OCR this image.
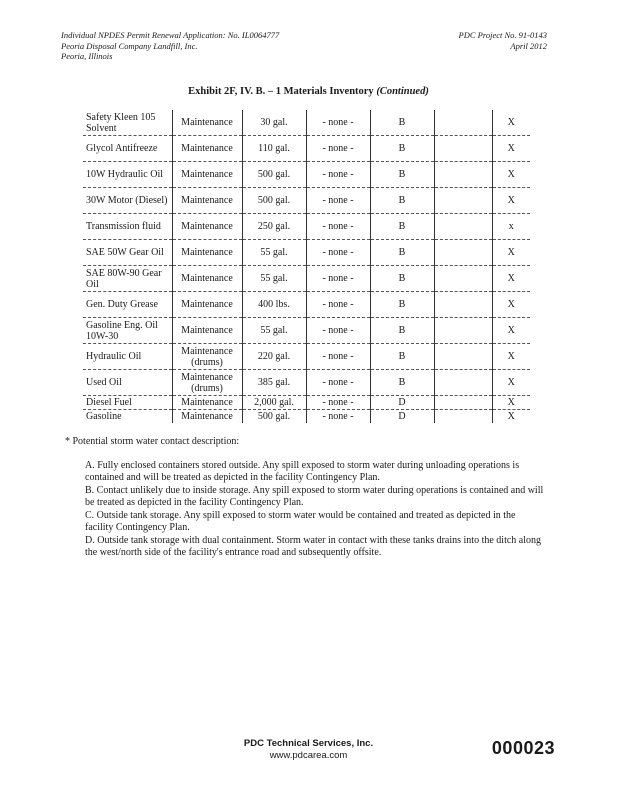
Individual NPDES Permit Renewal Application: No. IL0064777
Peoria Disposal Company Landfill, Inc.
Peoria, Illinois
PDC Project No. 91-0143
April 2012
Exhibit 2F, IV. B. – 1 Materials Inventory (Continued)
Safety Kleen 105 Solvent	Maintenance	30 gal.	- none -	B		X
Glycol Antifreeze	Maintenance	110 gal.	- none -	B		X
10W Hydraulic Oil	Maintenance	500 gal.	- none -	B		X
30W Motor (Diesel)	Maintenance	500 gal.	- none -	B		X
Transmission fluid	Maintenance	250 gal.	- none -	B		x
SAE 50W Gear Oil	Maintenance	55 gal.	- none -	B		X
SAE 80W-90 Gear Oil	Maintenance	55 gal.	- none -	B		X
Gen. Duty Grease	Maintenance	400 lbs.	- none -	B		X
Gasoline Eng. Oil 10W-30	Maintenance	55 gal.	- none -	B		X
Hydraulic Oil	Maintenance (drums)	220 gal.	- none -	B		X
Used Oil	Maintenance (drums)	385 gal.	- none -	B		X
Diesel Fuel	Maintenance	2,000 gal.	- none -	D		X
Gasoline	Maintenance	500 gal.	- none -	D		X
* Potential storm water contact description:
A. Fully enclosed containers stored outside. Any spill exposed to storm water during unloading operations is contained and will be treated as depicted in the facility Contingency Plan.
B. Contact unlikely due to inside storage. Any spill exposed to storm water during operations is contained and will be treated as depicted in the facility Contingency Plan.
C. Outside tank storage. Any spill exposed to storm water would be contained and treated as depicted in the facility Contingency Plan.
D. Outside tank storage with dual containment. Storm water in contact with these tanks drains into the ditch along the west/north side of the facility's entrance road and subsequently offsite.
PDC Technical Services, Inc.
www.pdcarea.com	000023
